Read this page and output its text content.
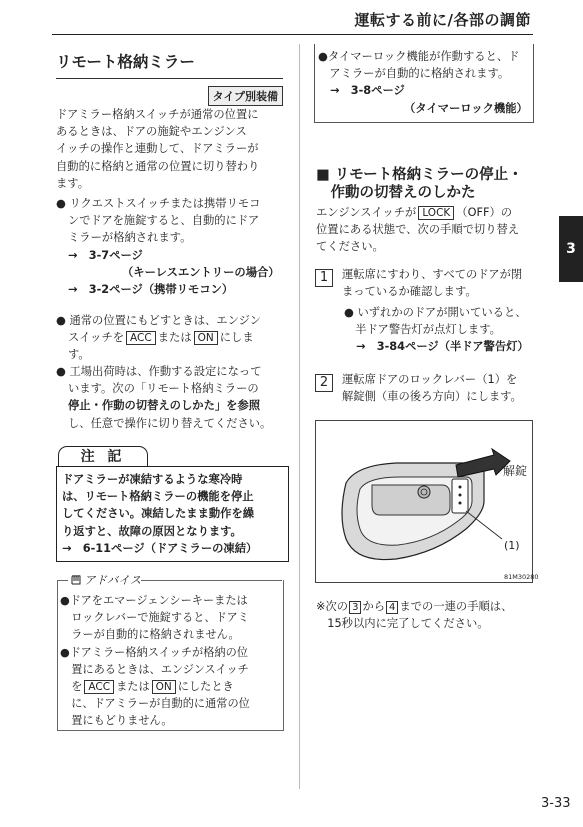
運転する前に/各部の調節
リモート格納ミラー
タイプ別装備
ドアミラー格納スイッチが通常の位置に
あるときは、ドアの施錠やエンジンス
イッチの操作と連動して、ドアミラーが
自動的に格納と通常の位置に切り替わり
ます。
● リクエストスイッチまたは携帯リモコ
ンでドアを施錠すると、自動的にドア
ミラーが格納されます。
→　3-7ページ
（キーレスエントリーの場合）
→　3-2ページ（携帯リモコン）
● 通常の位置にもどすときは、エンジン
スイッチを ACC または ON にしま
す。
● 工場出荷時は、作動する設定になって
います。次の「リモート格納ミラーの
停止・作動の切替えのしかた」を参照
し、任意で操作に切り替えてください。
注 記
ドアミラーが凍結するような寒冷時
は、リモート格納ミラーの機能を停止
してください。凍結したまま動作を繰
り返すと、故障の原因となります。
→　6-11ページ（ドアミラーの凍結）
アドバイス
●ドアをエマージェンシーキーまたは
　ロックレバーで施錠すると、ドアミ
　ラーが自動的に格納されません。
●ドアミラー格納スイッチが格納の位
　置にあるときは、エンジンスイッチ
　を ACC または ON にしたとき
　に、ドアミラーが自動的に通常の位
　置にもどりません。
●タイマーロック機能が作動すると、ド
　アミラーが自動的に格納されます。
→　3-8ページ
（タイマーロック機能）
■ リモート格納ミラーの停止・
　作動の切替えのしかた
エンジンスイッチが LOCK （OFF）の
位置にある状態で、次の手順で切り替え
てください。
1	運転席にすわり、すべてのドアが閉
まっているか確認します。
● いずれかのドアが開いていると、
　半ドア警告灯が点灯します。
→　3-84ページ（半ドア警告灯）
2	運転席ドアのロックレバー（1）を
解錠側（車の後ろ方向）にします。
解錠
(1)
81M30280
※次の 3 から 4 までの一連の手順は、
　15秒以内に完了してください。
3
3-33
